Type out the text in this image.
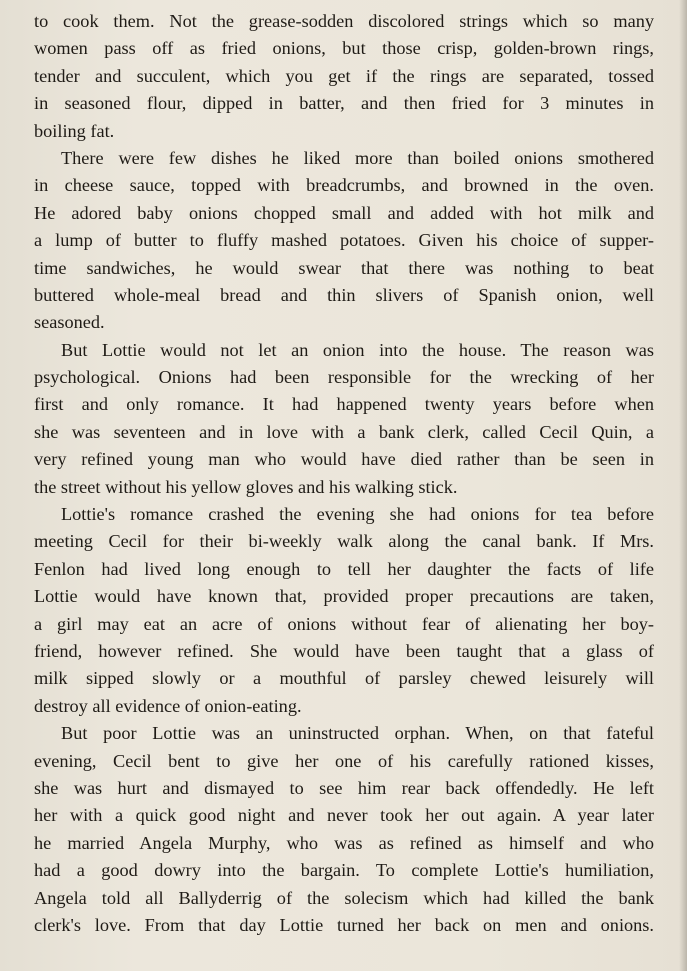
to cook them. Not the grease-sodden discolored strings which so many
women pass off as fried onions, but those crisp, golden-brown rings,
tender and succulent, which you get if the rings are separated, tossed
in seasoned flour, dipped in batter, and then fried for 3 minutes in
boiling fat.
There were few dishes he liked more than boiled onions smothered
in cheese sauce, topped with breadcrumbs, and browned in the oven.
He adored baby onions chopped small and added with hot milk and
a lump of butter to fluffy mashed potatoes. Given his choice of supper-
time sandwiches, he would swear that there was nothing to beat
buttered whole-meal bread and thin slivers of Spanish onion, well
seasoned.
But Lottie would not let an onion into the house. The reason was
psychological. Onions had been responsible for the wrecking of her
first and only romance. It had happened twenty years before when
she was seventeen and in love with a bank clerk, called Cecil Quin, a
very refined young man who would have died rather than be seen in
the street without his yellow gloves and his walking stick.
Lottie's romance crashed the evening she had onions for tea before
meeting Cecil for their bi-weekly walk along the canal bank. If Mrs.
Fenlon had lived long enough to tell her daughter the facts of life
Lottie would have known that, provided proper precautions are taken,
a girl may eat an acre of onions without fear of alienating her boy-
friend, however refined. She would have been taught that a glass of
milk sipped slowly or a mouthful of parsley chewed leisurely will
destroy all evidence of onion-eating.
But poor Lottie was an uninstructed orphan. When, on that fateful
evening, Cecil bent to give her one of his carefully rationed kisses,
she was hurt and dismayed to see him rear back offendedly. He left
her with a quick good night and never took her out again. A year later
he married Angela Murphy, who was as refined as himself and who
had a good dowry into the bargain. To complete Lottie's humiliation,
Angela told all Ballyderrig of the solecism which had killed the bank
clerk's love. From that day Lottie turned her back on men and onions.
